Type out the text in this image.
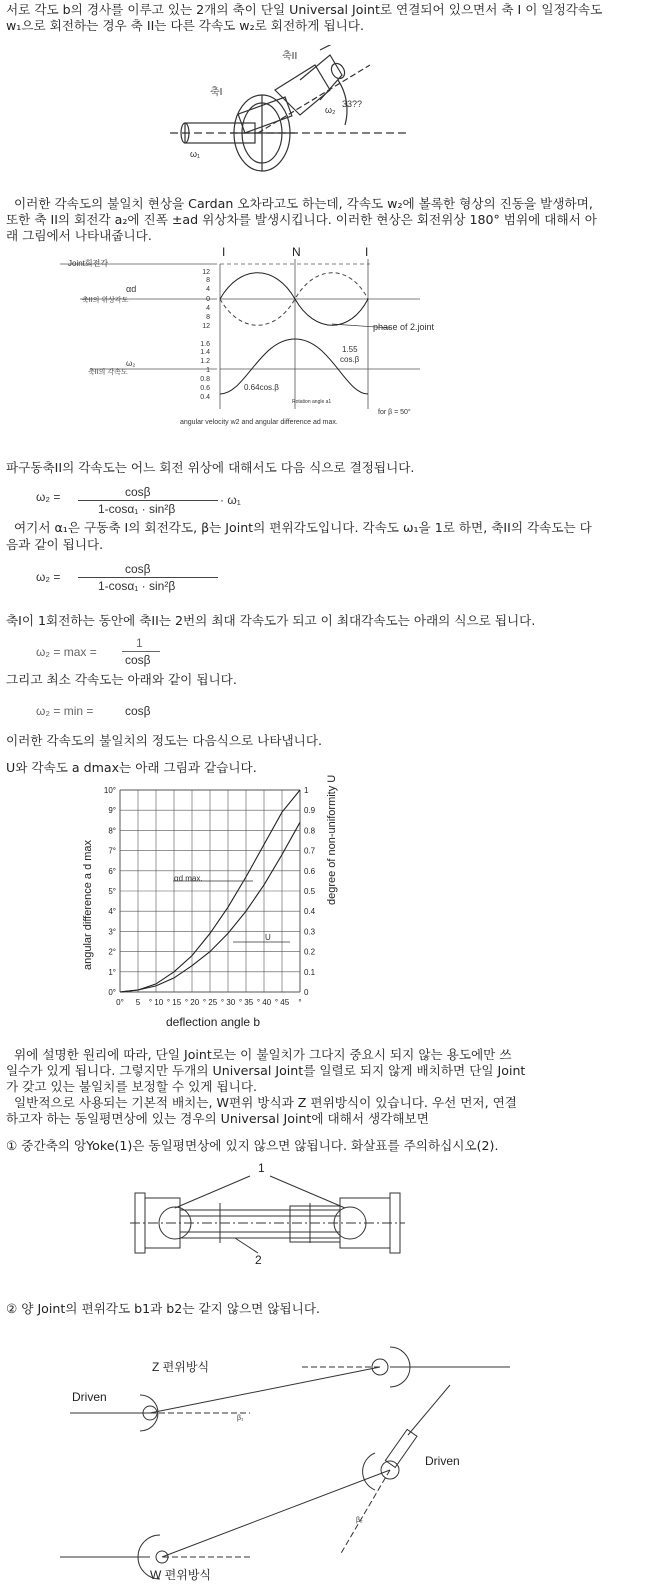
서로 각도 b의 경사를 이루고 있는 2개의 축이 단일 Universal Joint로 연결되어 있으면서 축 I 이 일정각속도

w₁으로 회전하는 경우 축 II는 다른 각속도 w₂로 회전하게 됩니다.

축I
축II
ω₁
ω₂
33??

이러한 각속도의 불일치 현상을 Cardan 오차라고도 하는데, 각속도 w₂에 볼록한 형상의 진동을 발생하며,

또한 축 II의 회전각 a₂에 진폭 ±ad 위상차를 발생시킵니다. 이러한 현상은 회전위상 180° 범위에 대해서 아

래 그림에서 나타내줍니다.

I	N	I
12
8
4
0
4
8
12
1.6
1.4
1.2
1
0.8
0.6
0.4
Joint회전각
αd
축II의 위상각도
ω₂
축II의 각속도
phase of 2.joint
1.55
cos.β
0.64cos.β
Rotation angle a1
for β = 50°
angular velocity w2 and angular difference ad max.

파구동축II의 각속도는 어느 회전 위상에 대해서도 다음 식으로 결정됩니다.

ω₂ =	cosβ
1-cosα₁ · sin²β
· ω₁

여기서 α₁은 구동축 I의 회전각도, β는 Joint의 편위각도입니다. 각속도 ω₁을 1로 하면, 축II의 각속도는 다

음과 같이 됩니다.

ω₂ =
cosβ
1-cosα₁ · sin²β

축I이 1회전하는 동안에 축II는 2번의 최대 각속도가 되고 이 최대각속도는 아래의 식으로 됩니다.

ω₂ = max =
1
cosβ

그리고 최소 각속도는 아래와 같이 됩니다.

ω₂ = min =	cosβ

이러한 각속도의 불일치의 정도는 다음식으로 나타냅니다.

U와 각속도 a dmax는 아래 그림과 같습니다.

0°
1°
2°
3°
4°
5°
6°
7°
8°
9°
10°
0
0.1
0.2
0.3
0.4
0.5
0.6
0.7
0.8
0.9
1
0° 5 ° 10 ° 15 ° 20 ° 25 ° 30 ° 35 ° 40 ° 45 °
αd max.
U
angular difference a d max	degree of non-uniformity U
deflection angle b

위에 설명한 원리에 따라, 단일 Joint로는 이 불일치가 그다지 중요시 되지 않는 용도에만 쓰

일수가 있게 됩니다. 그렇지만 두개의 Universal Joint를 일렬로 되지 않게 배치하면 단일 Joint

가 갖고 있는 불일치를 보정할 수 있게 됩니다.

일반적으로 사용되는 기본적 배치는, W편위 방식과 Z 편위방식이 있습니다. 우선 먼저, 연결

하고자 하는 동일평면상에 있는 경우의 Universal Joint에 대해서 생각해보면

① 중간축의 앙Yoke(1)은 동일평면상에 있지 않으면 않됩니다. 화살표를 주의하십시오(2).

1
2

② 양 Joint의 편위각도 b1과 b2는 같지 않으면 않됩니다.

Z 편위방식
Driven
Driven
W 편위방식
β₁
β₂
